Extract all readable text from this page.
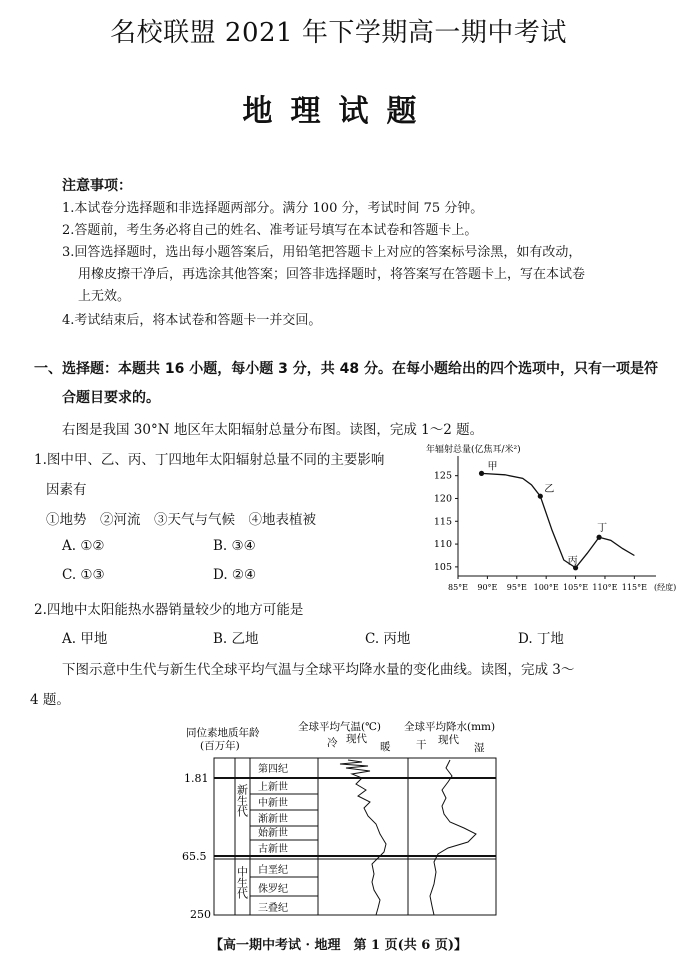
名校联盟 2021 年下学期高一期中考试
地理试题
注意事项：
1.本试卷分选择题和非选择题两部分。满分 100 分，考试时间 75 分钟。
2.答题前，考生务必将自己的姓名、准考证号填写在本试卷和答题卡上。
3.回答选择题时，选出每小题答案后，用铅笔把答题卡上对应的答案标号涂黑，如有改动，
用橡皮擦干净后，再选涂其他答案；回答非选择题时，将答案写在答题卡上，写在本试卷
上无效。
4.考试结束后，将本试卷和答题卡一并交回。
一、选择题：本题共 16 小题，每小题 3 分，共 48 分。在每小题给出的四个选项中，只有一项是符
合题目要求的。
右图是我国 30°N 地区年太阳辐射总量分布图。读图，完成 1～2 题。
1.图中甲、乙、丙、丁四地年太阳辐射总量不同的主要影响
因素有
①地势　②河流　③天气与气候　④地表植被
A. ①②	B. ③④
C. ①③	D. ②④
年辐射总量(亿焦耳/米²)
105
110
115
120
125
85°E 90°E 95°E 100°E 105°E 110°E 115°E (经度)
甲
乙
丙
丁
2.四地中太阳能热水器销量较少的地方可能是
A. 甲地	B. 乙地	C. 丙地	D. 丁地
下图示意中生代与新生代全球平均气温与全球平均降水量的变化曲线。读图，完成 3～
4 题。
同位素地质年龄
(百万年)
全球平均气温(℃)
冷 现代
暖
全球平均降水(mm)
干 现代
湿
1.81
65.5
250
新生代
中生代
第四纪
上新世
中新世
渐新世
始新世
古新世
白垩纪
侏罗纪
三叠纪
【高一期中考试 · 地理　第 1 页(共 6 页)】
